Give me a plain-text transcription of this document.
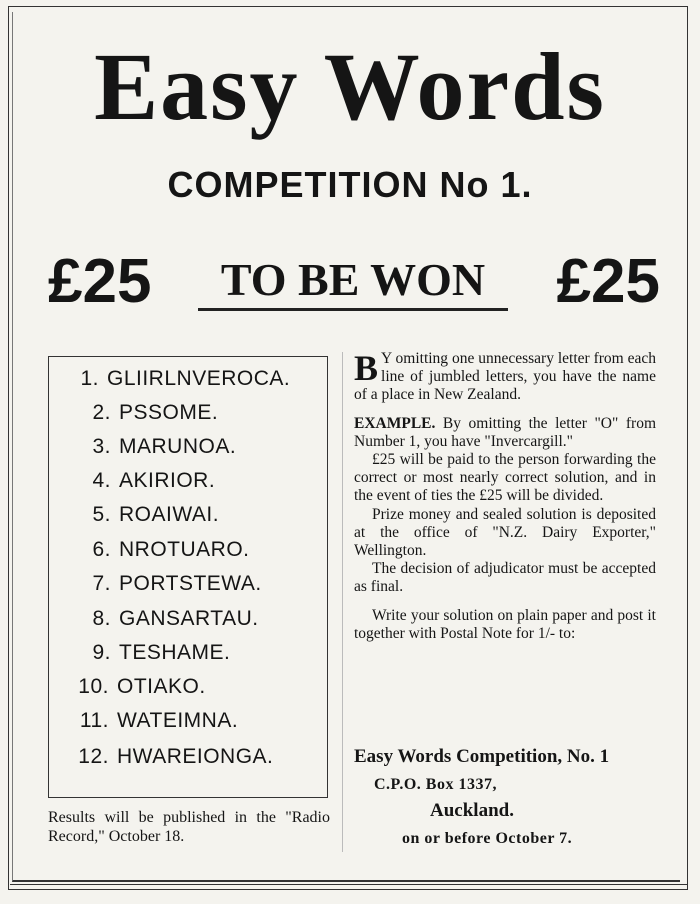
Easy Words
COMPETITION No 1.
£25	TO BE WON	£25
1. GLIIRLNVEROCA.
2. PSSOME.
3. MARUNOA.
4. AKIRIOR.
5. ROAIWAI.
6. NROTUARO.
7. PORTSTEWA.
8. GANSARTAU.
9. TESHAME.
10. OTIAKO.
11. WATEIMNA.
12. HWAREIONGA.
Results will be published in the "Radio Record," October 18.

B Y omitting one unnecessary letter from each line of jumbled letters, you have the name of a place in New Zealand.

EXAMPLE. By omitting the letter "O" from Number 1, you have "Invercargill."

£25 will be paid to the person forwarding the correct or most nearly correct solution, and in the event of ties the £25 will be divided.

Prize money and sealed solution is deposited at the office of "N.Z. Dairy Exporter," Wellington.

The decision of adjudicator must be accepted as final.

Write your solution on plain paper and post it together with Postal Note for 1/- to:

Easy Words Competition, No. 1
C.P.O. Box 1337,
Auckland.
on or before October 7.
